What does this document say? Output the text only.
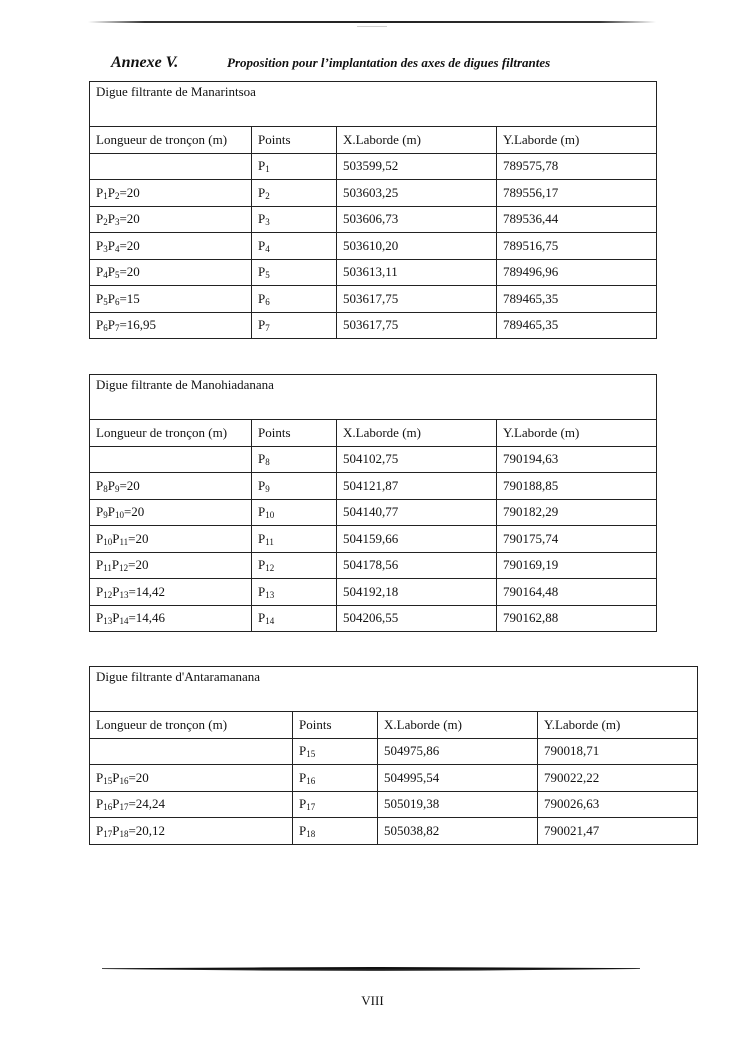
Annexe V.	Proposition pour l’implantation des axes de digues filtrantes
Digue filtrante de Manarintsoa			
Longueur de tronçon (m)	Points	X.Laborde (m)	Y.Laborde (m)
	$P_1$	503599,52	789575,78
$P_1P_2=20$	$P_2$	503603,25	789556,17
$P_2P_3=20$	$P_3$	503606,73	789536,44
$P_3P_4=20$	$P_4$	503610,20	789516,75
$P_4P_5=20$	$P_5$	503613,11	789496,96
$P_5P_6=15$	$P_6$	503617,75	789465,35
$P_6P_7=16,95$	$P_7$	503617,75	789465,35
Digue filtrante de Manohiadanana			
Longueur de tronçon (m)	Points	X.Laborde (m)	Y.Laborde (m)
	$P_8$	504102,75	790194,63
$P_8P_9=20$	$P_9$	504121,87	790188,85
$P_9P_{10}=20$	$P_{10}$	504140,77	790182,29
$P_{10}P_{11}=20$	$P_{11}$	504159,66	790175,74
$P_{11}P_{12}=20$	$P_{12}$	504178,56	790169,19
$P_{12}P_{13}=14,42$	$P_{13}$	504192,18	790164,48
$P_{13}P_{14}=14,46$	$P_{14}$	504206,55	790162,88
Digue filtrante d'Antaramanana			
Longueur de tronçon (m)	Points	X.Laborde (m)	Y.Laborde (m)
	$P_{15}$	504975,86	790018,71
$P_{15}P_{16}=20$	$P_{16}$	504995,54	790022,22
$P_{16}P_{17}=24,24$	$P_{17}$	505019,38	790026,63
$P_{17}P_{18}=20,12$	$P_{18}$	505038,82	790021,47
VIII
